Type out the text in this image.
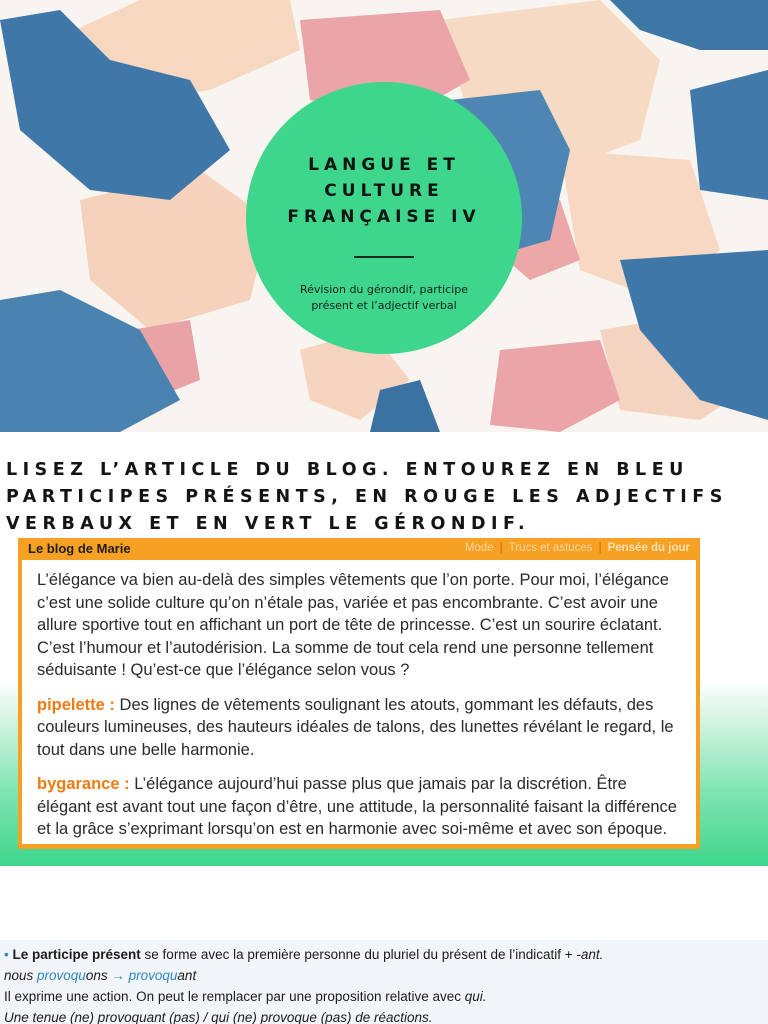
LANGUE ET CULTURE FRANÇAISE IV
Révision du gérondif, participe présent et l’adjectif verbal
LISEZ L’ARTICLE DU BLOG. ENTOUREZ EN BLEU PARTICIPES PRÉSENTS, EN ROUGE LES ADJECTIFS VERBAUX ET EN VERT LE GÉRONDIF.
Le blog de Marie	Mode | Trucs et astuces | Pensée du jour

L’élégance va bien au-delà des simples vêtements que l’on porte. Pour moi, l’élégance c’est une solide culture qu’on n’étale pas, variée et pas encombrante. C’est avoir une allure sportive tout en affichant un port de tête de princesse. C’est un sourire éclatant. C’est l’humour et l’autodérision. La somme de tout cela rend une personne tellement séduisante ! Qu’est-ce que l’élégance selon vous ?

pipelette : Des lignes de vêtements soulignant les atouts, gommant les défauts, des couleurs lumineuses, des hauteurs idéales de talons, des lunettes révélant le regard, le tout dans une belle harmonie.

bygarance : L’élégance aujourd’hui passe plus que jamais par la discrétion. Être élégant est avant tout une façon d’être, une attitude, la personnalité faisant la différence et la grâce s’exprimant lorsqu’on est en harmonie avec soi-même et avec son époque.

• Le participe présent se forme avec la première personne du pluriel du présent de l’indicatif + -ant.
nous provoquons → provoquant
Il exprime une action. On peut le remplacer par une proposition relative avec qui.
Une tenue (ne) provoquant (pas) / qui (ne) provoque (pas) de réactions.
